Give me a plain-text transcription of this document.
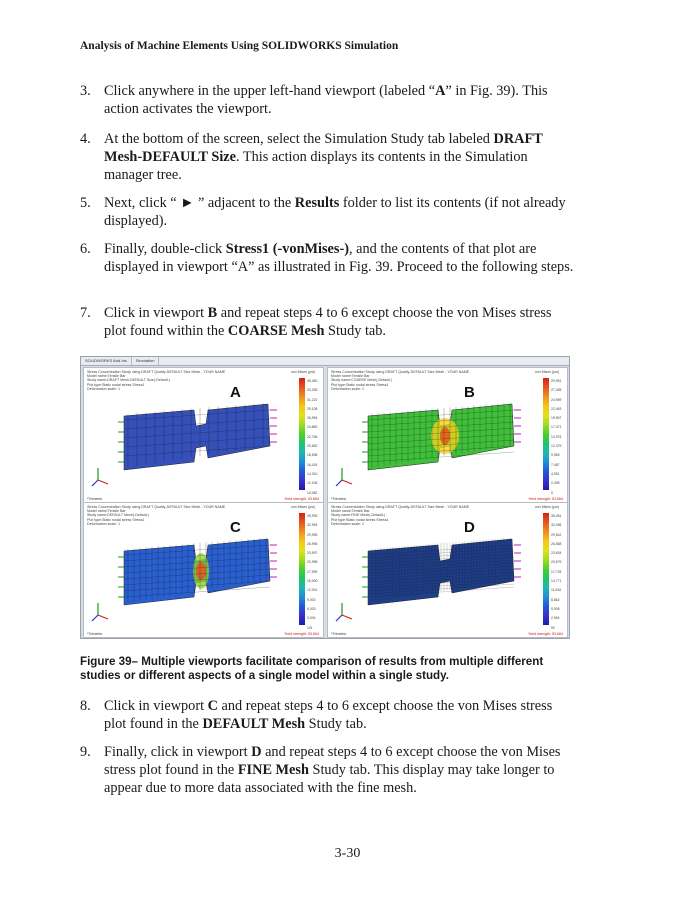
Analysis of Machine Elements Using SOLIDWORKS Simulation
3. Click anywhere in the upper left-hand viewport (labeled “A” in Fig. 39). This action activates the viewport.
4. At the bottom of the screen, select the Simulation Study tab labeled DRAFT Mesh-DEFAULT Size. This action displays its contents in the Simulation manager tree.
5. Next, click “ ► ” adjacent to the Results folder to list its contents (if not already displayed).
6. Finally, double-click Stress1 (-vonMises-), and the contents of that plot are displayed in viewport “A” as illustrated in Fig. 39. Proceed to the following steps.
7. Click in viewport B and repeat steps 4 to 6 except choose the von Mises stress plot found within the COARSE Mesh Study tab.
SOLIDWORKS Add-Ins Simulation
Stress Concentration Study using DRAFT Quality-DEFAULT Size Mesh - YOUR NAME
Model name:Tensile Bar
Study name:DRAFT Mesh-DEFAULT Size(-Default-)
Plot type:Static nodal stress Stress1
Deformation scale: 1	A
von Mises (psi)
35,450
33,336
31,222
29,108
26,994
24,880
22,766
20,652
18,538
16,424
14,310
12,196
10,082
*Trimetric	Yield strength: 53,664
Stress Concentration Study using DRAFT Quality-DEFAULT Size Mesh - YOUR NAME
Model name:Tensile Bar
Study name:COARSE Mesh(-Default-)
Plot type:Static nodal stress Stress1
Deformation scale: 1	B
von Mises (psi)
29,951
27,455
24,959
22,463
19,967
17,471
14,975
12,479
9,983
7,487
4,991
2,495
0
*Trimetric	Yield strength: 53,664
Stress Concentration Study using DRAFT Quality-DEFAULT Size Mesh - YOUR NAME
Model name:Tensile Bar
Study name:DEFAULT Mesh(-Default-)
Plot type:Static nodal stress Stress1
Deformation scale: 1	C
von Mises (psi)
35,993
32,994
29,995
26,996
23,997
20,998
17,999
15,000
12,001
9,002
6,003
3,004
101
*Trimetric	Yield strength: 53,664
Stress Concentration Study using DRAFT Quality-DEFAULT Size Mesh - YOUR NAME
Model name:Tensile Bar
Study name:FINE Mesh(-Default-)
Plot type:Static nodal stress Stress1
Deformation scale: 1	D
von Mises (psi)
35,451
32,496
29,542
26,588
23,634
20,679
17,725
14,771
11,816
8,862
5,908
2,954
90
*Trimetric	Yield strength: 53,664
Figure 39– Multiple viewports facilitate comparison of results from multiple different studies or different aspects of a single model within a single study.
8. Click in viewport C and repeat steps 4 to 6 except choose the von Mises stress plot found in the DEFAULT Mesh Study tab.
9. Finally, click in viewport D and repeat steps 4 to 6 except choose the von Mises stress plot found in the FINE Mesh Study tab. This display may take longer to appear due to more data associated with the fine mesh.
3-30
